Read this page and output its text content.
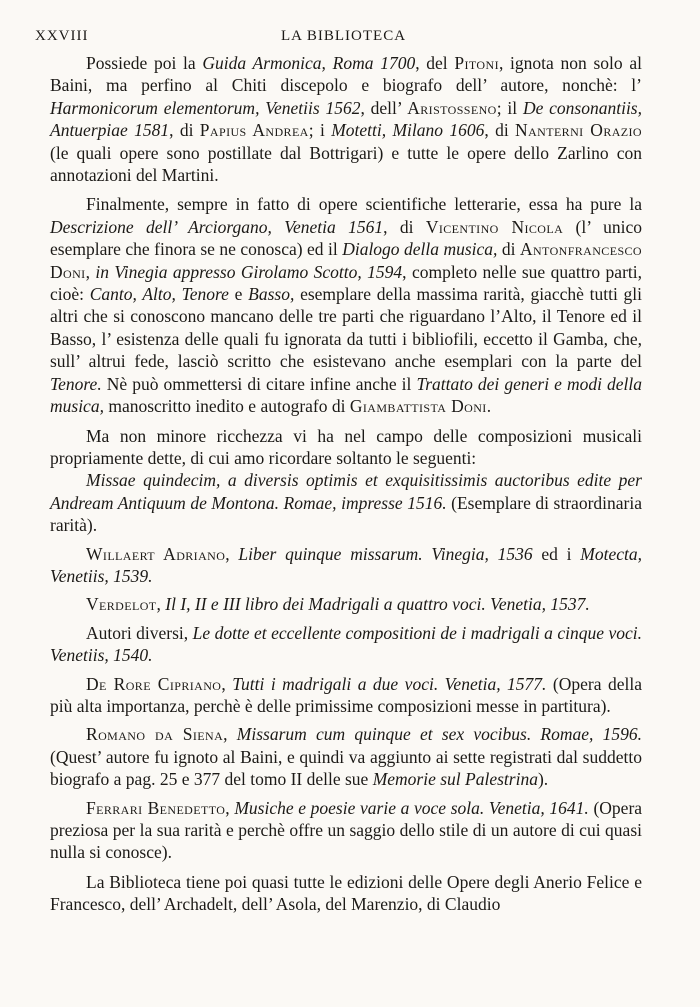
XXVIII	LA BIBLIOTECA

Possiede poi la Guida Armonica, Roma 1700, del Pitoni, ignota non solo al Baini, ma perfino al Chiti discepolo e biografo dell’ autore, nonchè: l’ Harmonicorum elementorum, Venetiis 1562, dell’ Aristosseno; il De consonantiis, Antuerpiae 1581, di Papius Andrea; i Motetti, Milano 1606, di Nanterni Orazio (le quali opere sono postillate dal Bottrigari) e tutte le opere dello Zarlino con annotazioni del Martini.

Finalmente, sempre in fatto di opere scientifiche letterarie, essa ha pure la Descrizione dell’ Arciorgano, Venetia 1561, di Vicentino Nicola (l’ unico esemplare che finora se ne conosca) ed il Dialogo della musica, di Antonfrancesco Doni, in Vinegia appresso Girolamo Scotto, 1594, completo nelle sue quattro parti, cioè: Canto, Alto, Tenore e Basso, esemplare della massima rarità, giacchè tutti gli altri che si conoscono mancano delle tre parti che riguardano l’Alto, il Tenore ed il Basso, l’ esistenza delle quali fu ignorata da tutti i bibliofili, eccetto il Gamba, che, sull’ altrui fede, lasciò scritto che esistevano anche esemplari con la parte del Tenore. Nè può ommettersi di citare infine anche il Trattato dei generi e modi della musica, manoscritto inedito e autografo di Giambattista Doni.

Ma non minore ricchezza vi ha nel campo delle composizioni musicali propriamente dette, di cui amo ricordare soltanto le seguenti:

Missae quindecim, a diversis optimis et exquisitissimis auctoribus edite per Andream Antiquum de Montona. Romae, impresse 1516. (Esemplare di straordinaria rarità).

Willaert Adriano, Liber quinque missarum. Vinegia, 1536 ed i Motecta, Venetiis, 1539.

Verdelot, Il I, II e III libro dei Madrigali a quattro voci. Venetia, 1537.

Autori diversi, Le dotte et eccellente compositioni de i madrigali a cinque voci. Venetiis, 1540.

De Rore Cipriano, Tutti i madrigali a due voci. Venetia, 1577. (Opera della più alta importanza, perchè è delle primissime composizioni messe in partitura).

Romano da Siena, Missarum cum quinque et sex vocibus. Romae, 1596. (Quest’ autore fu ignoto al Baini, e quindi va aggiunto ai sette registrati dal suddetto biografo a pag. 25 e 377 del tomo II delle sue Memorie sul Palestrina).

Ferrari Benedetto, Musiche e poesie varie a voce sola. Venetia, 1641. (Opera preziosa per la sua rarità e perchè offre un saggio dello stile di un autore di cui quasi nulla si conosce).

La Biblioteca tiene poi quasi tutte le edizioni delle Opere degli Anerio Felice e Francesco, dell’ Archadelt, dell’ Asola, del Marenzio, di Claudio
